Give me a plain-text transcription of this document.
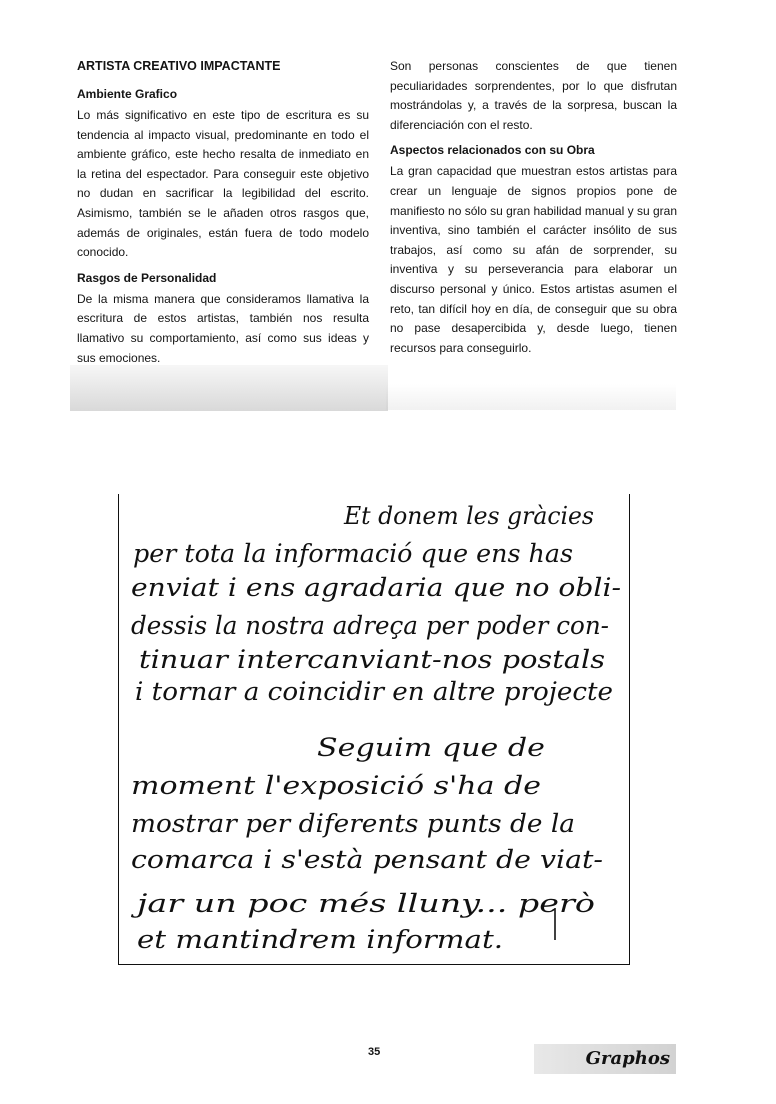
ARTISTA CREATIVO IMPACTANTE
Ambiente Grafico

Lo más significativo en este tipo de escritura es su tendencia al impacto visual, predominante en todo el ambiente gráfico, este hecho resalta de inmediato en la retina del espectador. Para conseguir este objetivo no dudan en sacrificar la legibilidad del escrito. Asimismo, también se le añaden otros rasgos que, además de originales, están fuera de todo modelo conocido.

Rasgos de Personalidad

De la misma manera que consideramos llamativa la escritura de estos artistas, también nos resulta llamativo su comportamiento, así como sus ideas y sus emociones.

Son personas conscientes de que tienen peculiaridades sorprendentes, por lo que disfrutan mostrándolas y, a través de la sorpresa, buscan la diferenciación con el resto.

Aspectos relacionados con su Obra

La gran capacidad que muestran estos artistas para crear un lenguaje de signos propios pone de manifiesto no sólo su gran habilidad manual y su gran inventiva, sino también el carácter insólito de sus trabajos, así como su afán de sorprender, su inventiva y su perseverancia para elaborar un discurso personal y único. Estos artistas asumen el reto, tan difícil hoy en día, de conseguir que su obra no pase desapercibida y, desde luego, tienen recursos para conseguirlo.

Et donem les gràcies
per tota la informació que ens has
enviat i ens agradaria que no obli-
dessis la nostra adreça per poder con-
tinuar intercanviant-nos postals
i tornar a coincidir en altre projecte
Seguim que de
moment l'exposició s'ha de
mostrar per diferents punts de la
comarca i s'està pensant de viat-
jar un poc més lluny... però
et mantindrem informat.
35	Graphos
